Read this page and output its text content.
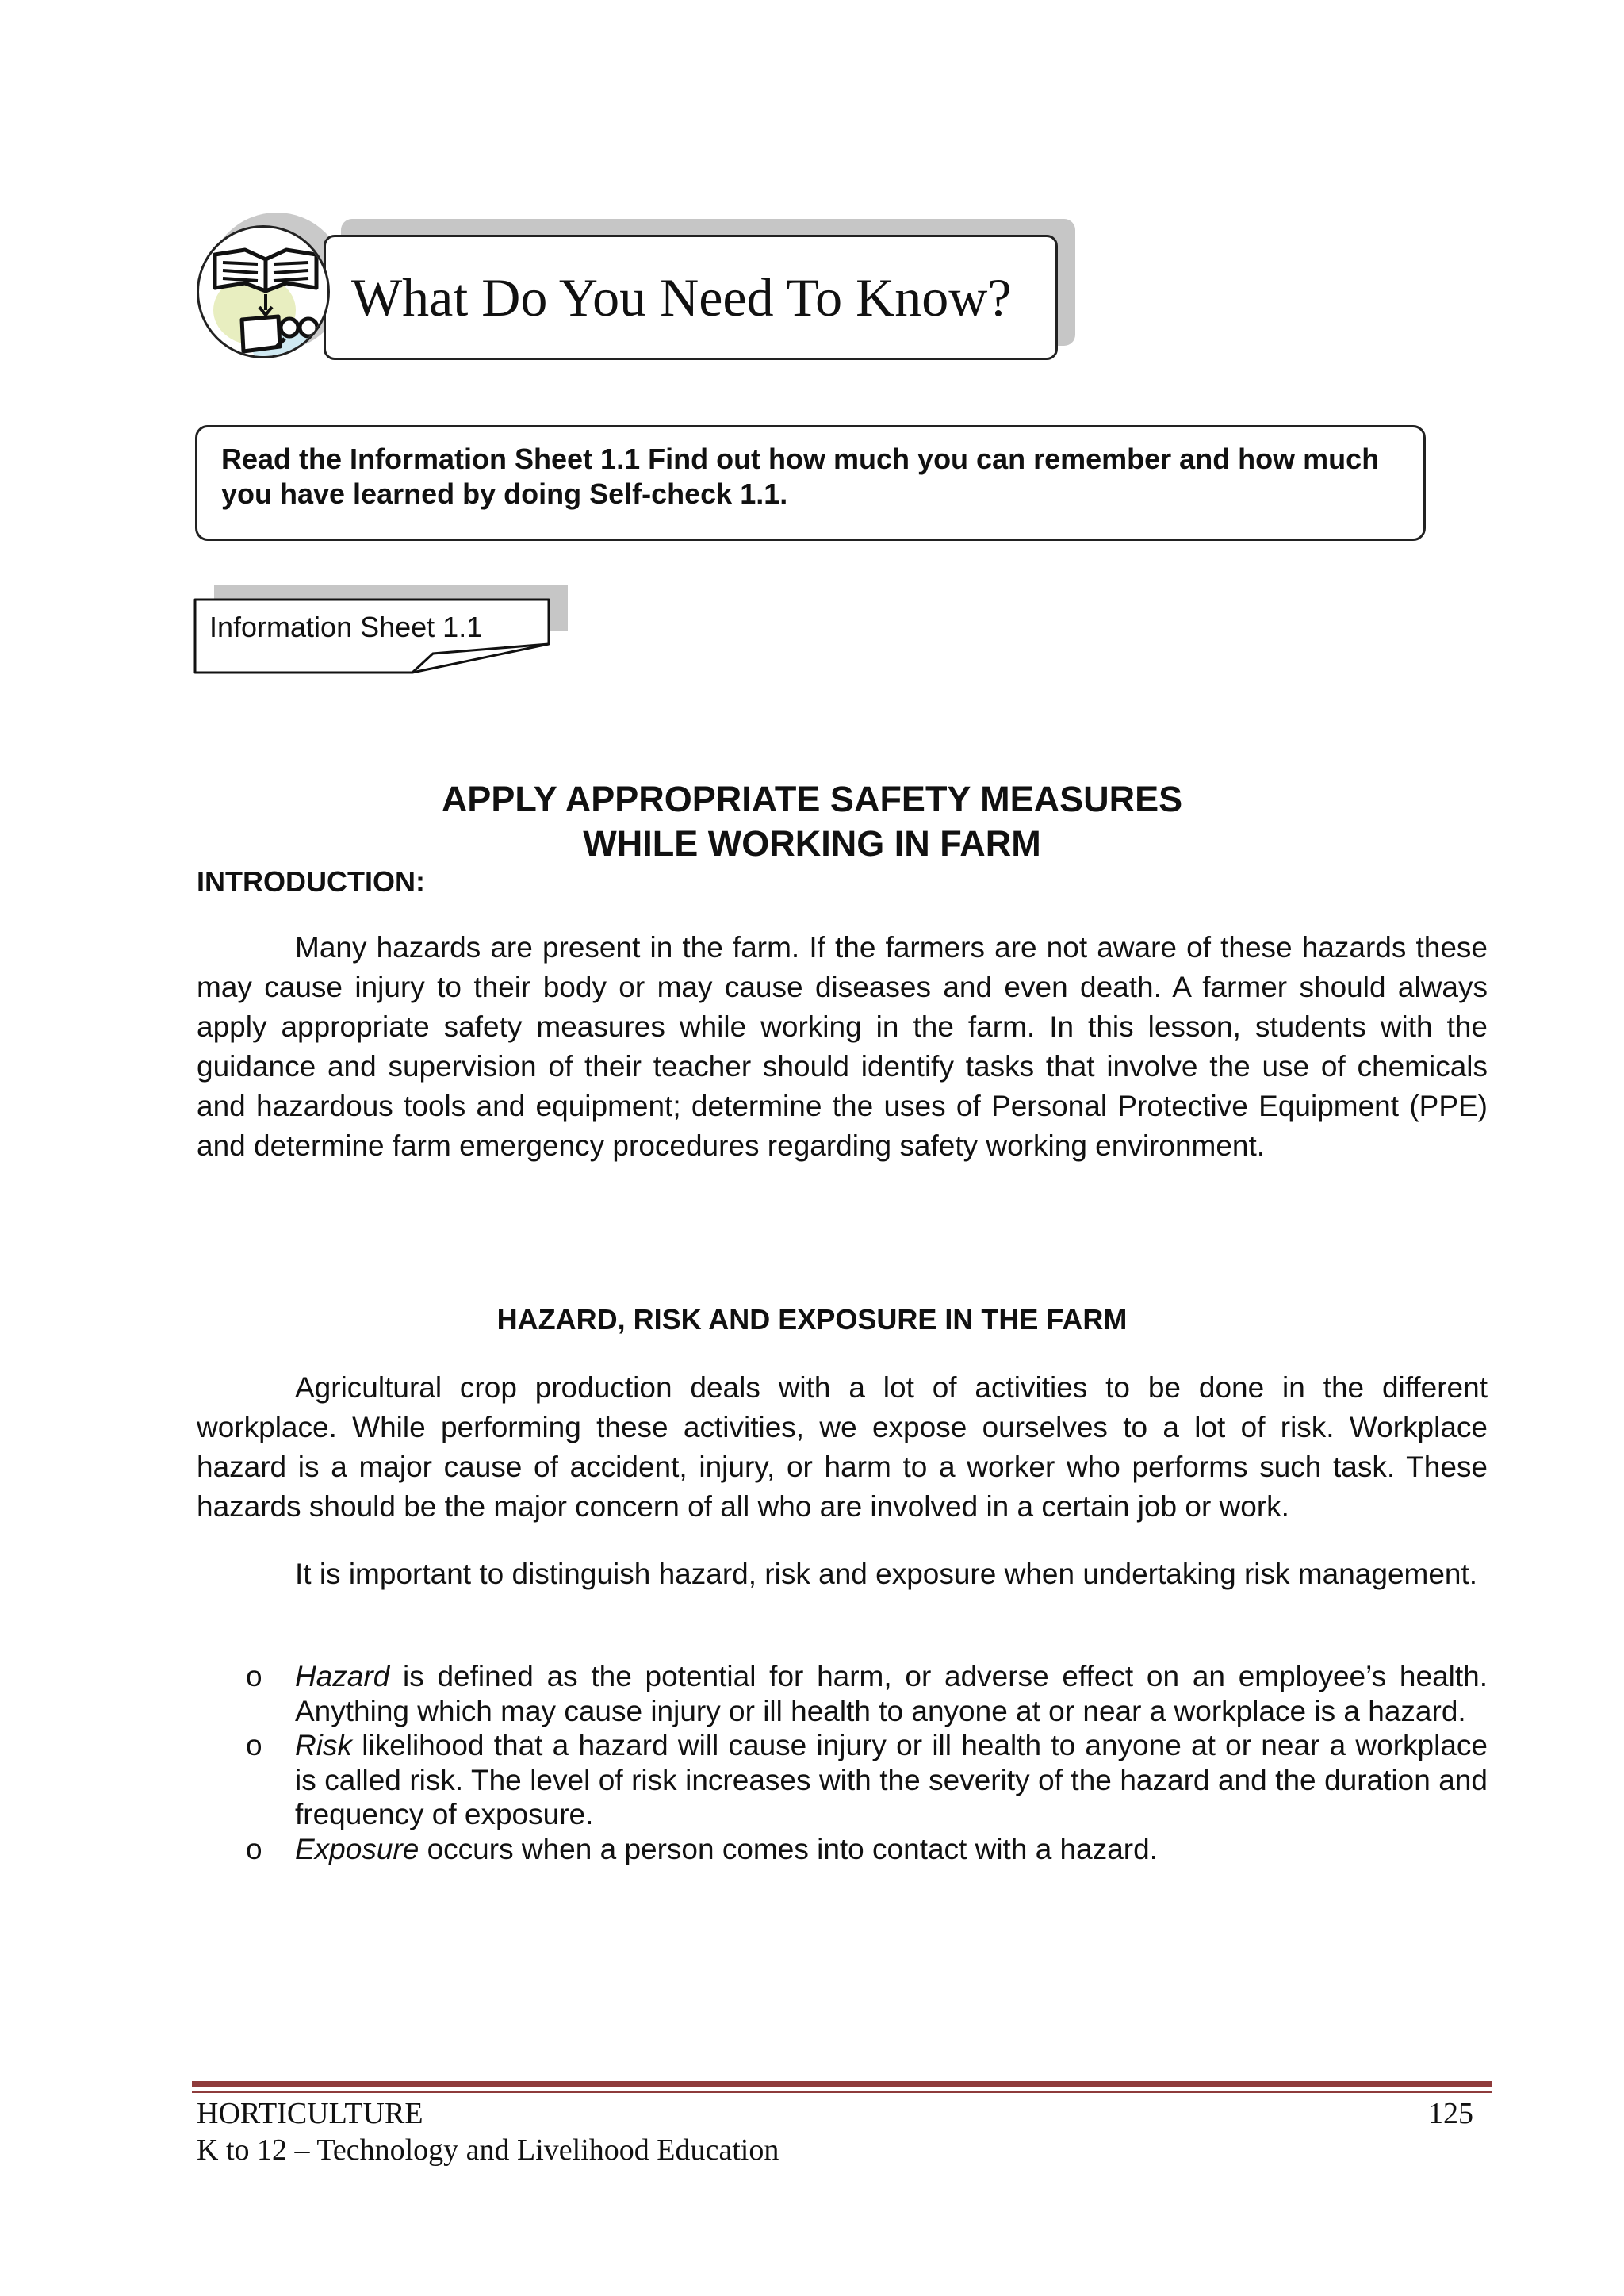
What Do You Need To Know?
Read the Information Sheet 1.1 Find out how much you can remember and how much you have learned by doing Self-check 1.1.
Information Sheet 1.1
APPLY APPROPRIATE SAFETY MEASURES
WHILE WORKING IN FARM
INTRODUCTION:
Many hazards are present in the farm. If the farmers are not aware of these hazards these may cause injury to their body or may cause diseases and even death. A farmer should always apply appropriate safety measures while working in the farm. In this lesson, students with the guidance and supervision of their teacher should identify tasks that involve the use of chemicals and hazardous tools and equipment; determine the uses of Personal Protective Equipment (PPE) and determine farm emergency procedures regarding safety working environment.
HAZARD, RISK AND EXPOSURE IN THE FARM
Agricultural crop production deals with a lot of activities to be done in the different workplace. While performing these activities, we expose ourselves to a lot of risk. Workplace hazard is a major cause of accident, injury, or harm to a worker who performs such task. These hazards should be the major concern of all who are involved in a certain job or work.
It is important to distinguish hazard, risk and exposure when undertaking risk management.
o Hazard is defined as the potential for harm, or adverse effect on an employee’s health. Anything which may cause injury or ill health to anyone at or near a workplace is a hazard.
o Risk likelihood that a hazard will cause injury or ill health to anyone at or near a workplace is called risk. The level of risk increases with the severity of the hazard and the duration and frequency of exposure.
o Exposure occurs when a person comes into contact with a hazard.
HORTICULTURE
K to 12 – Technology and Livelihood Education
125
